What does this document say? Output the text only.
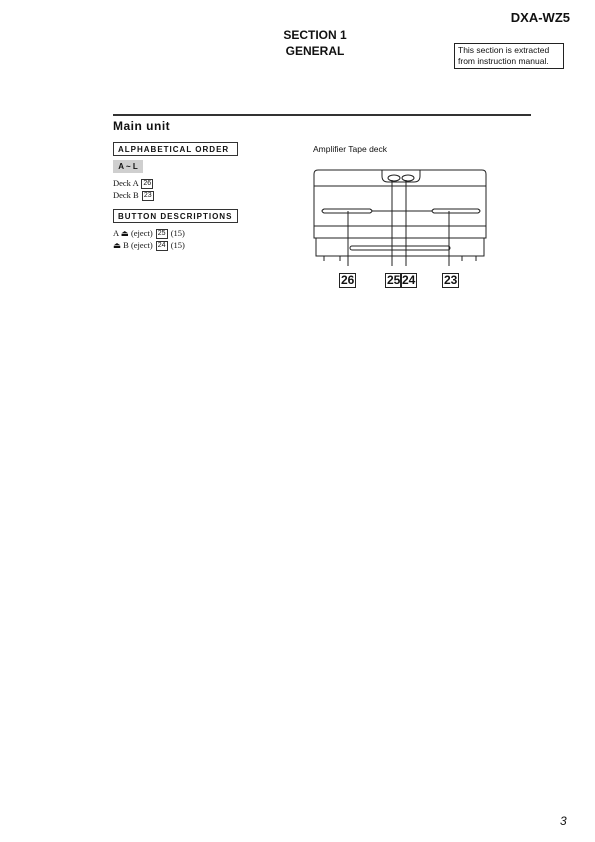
DXA-WZ5
SECTION 1
GENERAL	This section is extracted
from instruction manual.
Main unit
ALPHABETICAL ORDER
A ~ L
Deck A 26
Deck B 23
BUTTON DESCRIPTIONS
A ⏏ (eject) 25 (15)
⏏ B (eject) 24 (15)
Amplifier Tape deck
26	25 24 23
3
